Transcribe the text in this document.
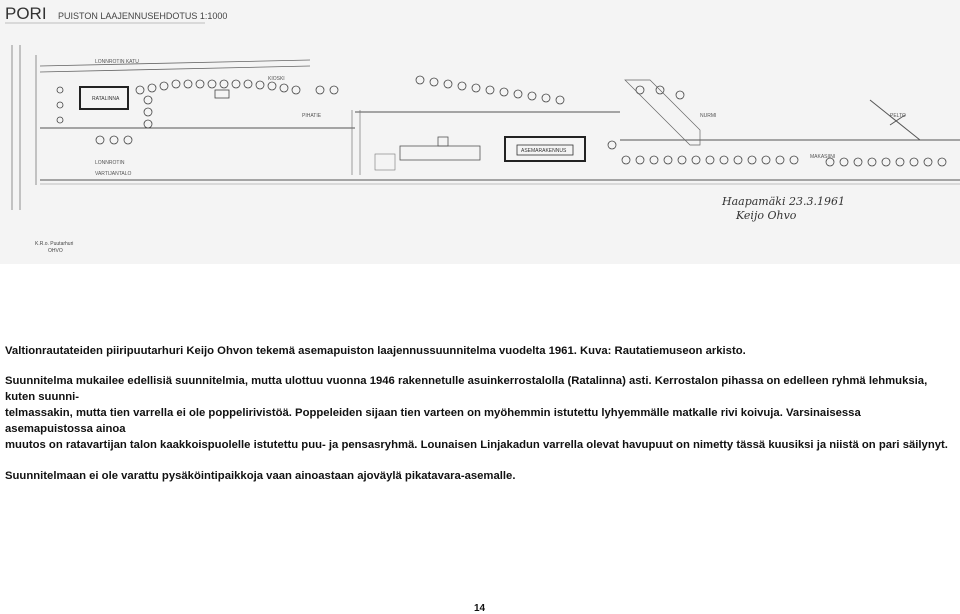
PORI PUISTON LAAJENNUSEHDOTUS 1:1000
LONNROTIN KATU
RATALINNA
KIOSKI
PIHATIE	NURMI
ASEMARAKENNUS
MAKASIINI
VARTIJANTALO
LONNROTIN
PELTO
K.R.o. Puutarhuri
OHVO
Haapamäki 23.3.1961
Keijo Ohvo

Valtionrautateiden piiripuutarhuri Keijo Ohvon tekemä asemapuiston laajennussuunnitelma vuodelta 1961. Kuva: Rautatiemuseon arkisto.

Suunnitelma mukailee edellisiä suunnitelmia, mutta ulottuu vuonna 1946 rakennetulle asuinkerrostalolla (Ratalinna) asti. Kerrostalon pihassa on edelleen ryhmä lehmuksia, kuten suunni-

telmassakin, mutta tien varrella ei ole poppelirivistöä. Poppeleiden sijaan tien varteen on myöhemmin istutettu lyhyemmälle matkalle rivi koivuja. Varsinaisessa asemapuistossa ainoa

muutos on ratavartijan talon kaakkoispuolelle istutettu puu- ja pensasryhmä. Lounaisen Linjakadun varrella olevat havupuut on nimetty tässä kuusiksi ja niistä on pari säilynyt.

Suunnitelmaan ei ole varattu pysäköintipaikkoja vaan ainoastaan ajoväylä pikatavara-asemalle.

14
